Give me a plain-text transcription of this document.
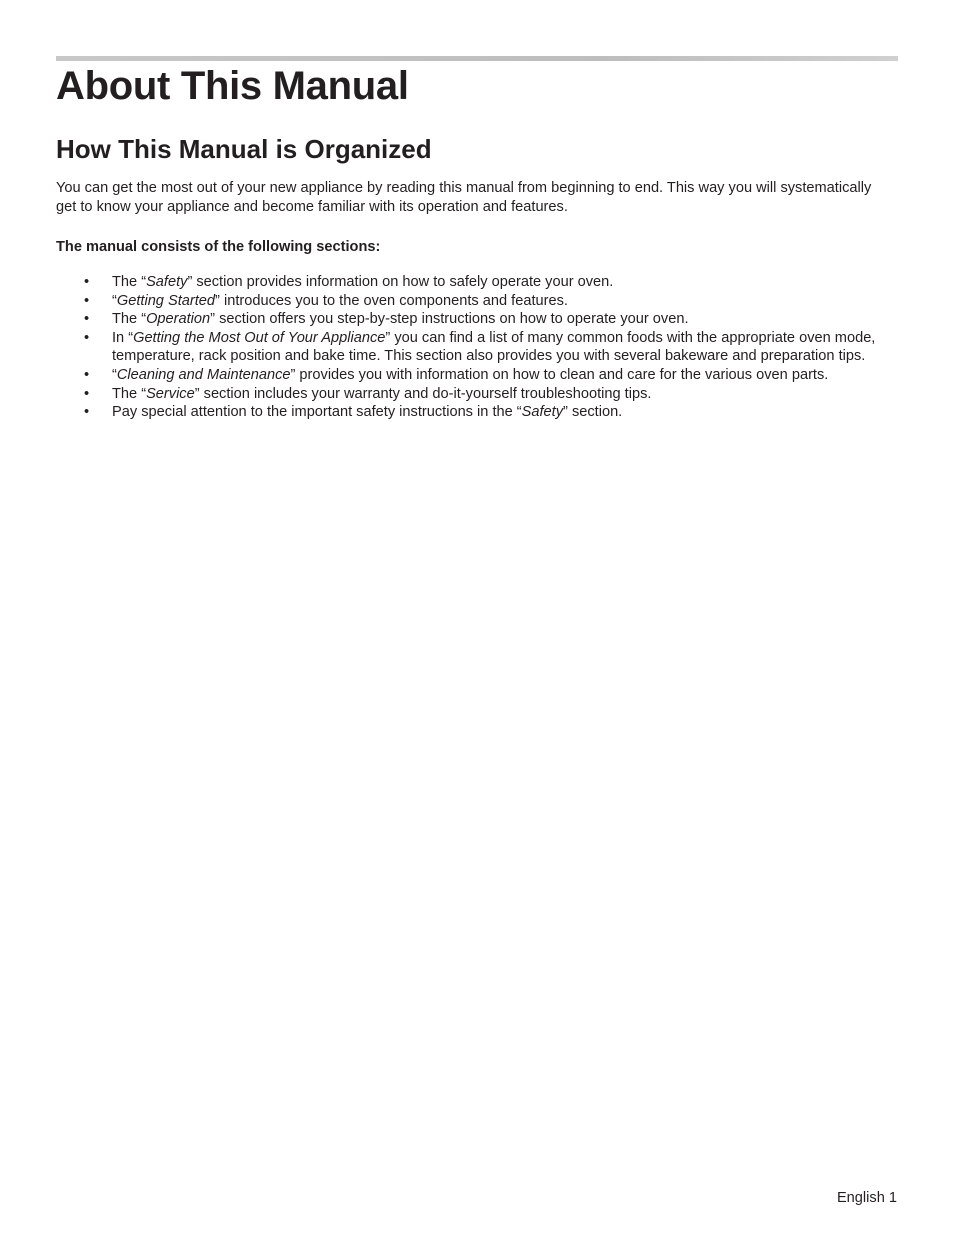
About This Manual
How This Manual is Organized

You can get the most out of your new appliance by reading this manual from beginning to end. This way you will systematically get to know your appliance and become familiar with its operation and features.

The manual consists of the following sections:

• The “Safety” section provides information on how to safely operate your oven.
• “Getting Started” introduces you to the oven components and features.
• The “Operation” section offers you step-by-step instructions on how to operate your oven.
• In “Getting the Most Out of Your Appliance” you can find a list of many common foods with the appropriate oven mode, temperature, rack position and bake time. This section also provides you with several bakeware and preparation tips.
• “Cleaning and Maintenance” provides you with information on how to clean and care for the various oven parts.
• The “Service” section includes your warranty and do-it-yourself troubleshooting tips.
• Pay special attention to the important safety instructions in the “Safety” section.
English 1
